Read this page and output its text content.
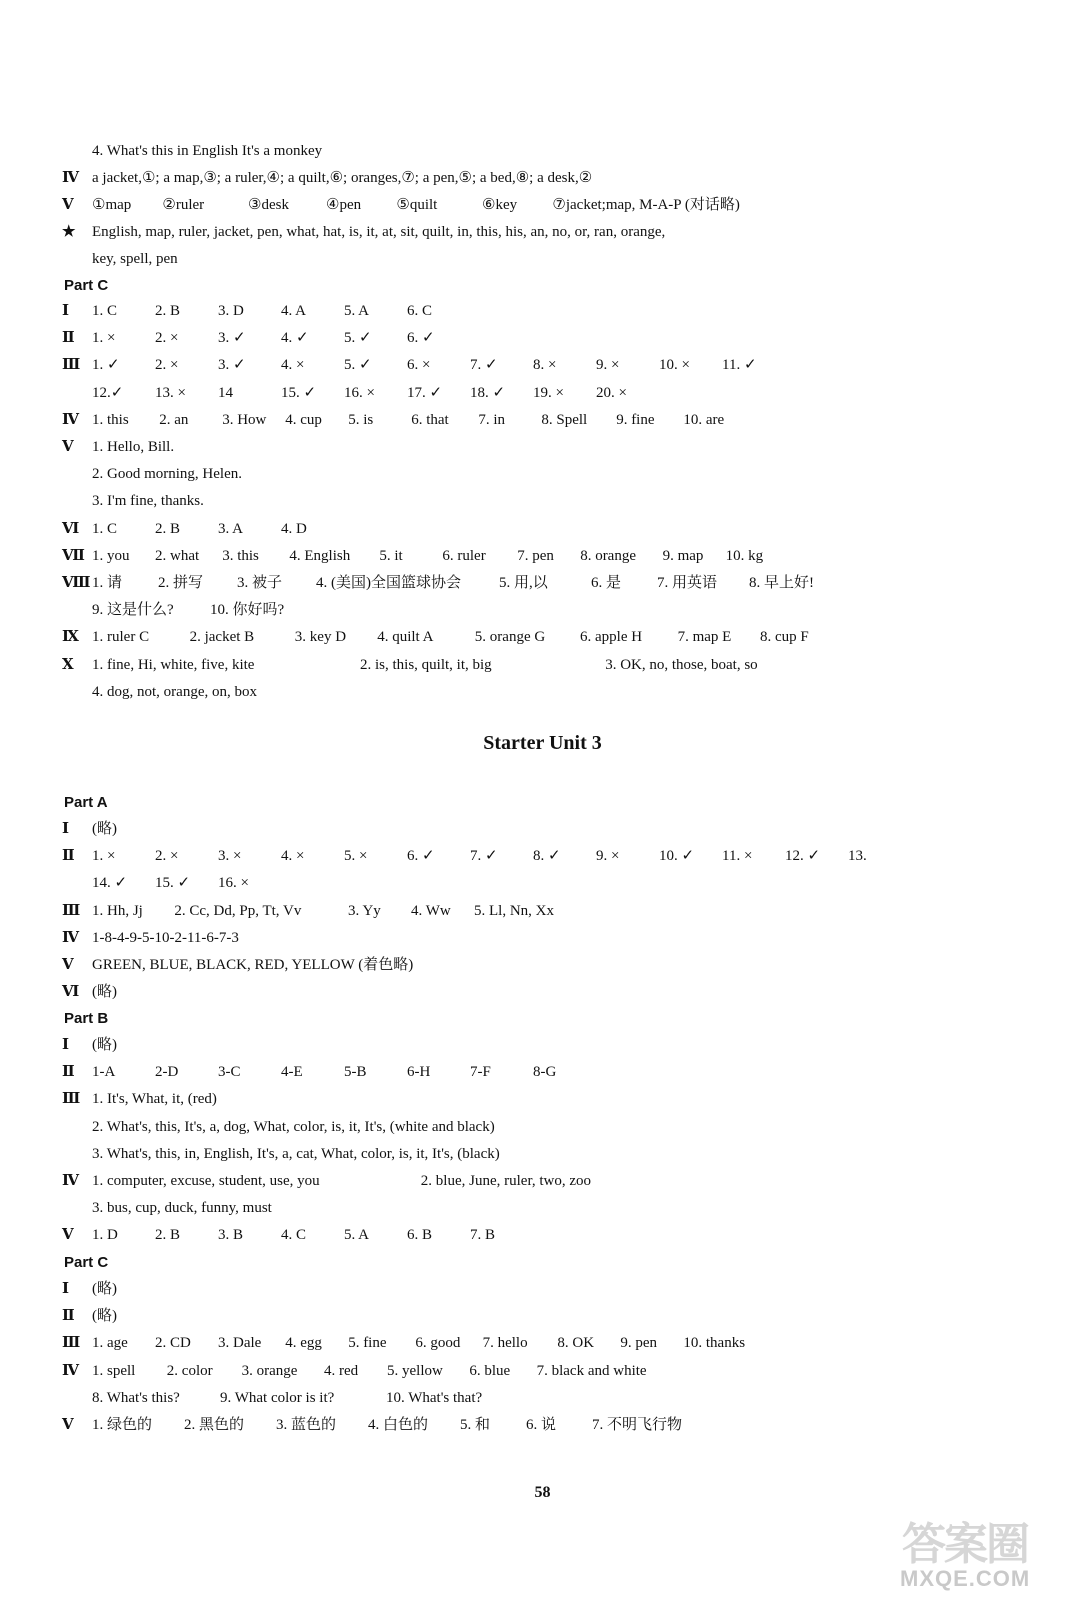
4. What's this in English It's a monkey
Ⅳ a jacket,①; a map,③; a ruler,④; a quilt,⑥; oranges,⑦; a pen,⑤; a bed,⑧; a desk,②
Ⅴ	①map ②ruler	③desk ④pen ⑤quilt	⑥key ⑦jacket;map, M-A-P (对话略)
★	English, map, ruler, jacket, pen, what, hat, is, it, at, sit, quilt, in, this, his, an, no, or, ran, orange,
key, spell, pen
Part C
Ⅰ	1. C	2. B	3. D 4. A	5. A	6. C
Ⅱ	1. ×	2. ×	3. ✓ 4. ✓ 5. ✓ 6. ✓
Ⅲ 1. ✓ 2. ×	3. ✓ 4. ×	5. ✓ 6. ×	7. ✓ 8. ×	9. ×	10. × 11. ✓
12.✓ 13. × 14	15. ✓ 16. × 17. ✓ 18. ✓ 19. × 20. ×
Ⅳ 1. this 2. an 3. How 4. cup 5. is	6. that 7. in 8. Spell 9. fine 10. are
Ⅴ	1. Hello, Bill.
2. Good morning, Helen.
3. I'm fine, thanks.
Ⅵ 1. C	2. B	3. A	4. D
Ⅶ 1. you 2. what 3. this 4. English 5. it	6. ruler 7. pen 8. orange 9. map 10. kg
Ⅷ 1. 请 2. 拼写 3. 被子 4. (美国)全国篮球协会	5. 用,以	6. 是 7. 用英语 8. 早上好!
9. 这是什么? 10. 你好吗?
Ⅸ 1. ruler C	2. jacket B	3. key D 4. quilt A	5. orange G 6. apple H 7. map E 8. cup F
Ⅹ	1. fine, Hi, white, five, kite	2. is, this, quilt, it, big	3. OK, no, those, boat, so
4. dog, not, orange, on, box
Part A
Ⅰ	(略)
Ⅱ	1. ×	2. ×	3. ×	4. ×	5. ×	6. ✓ 7. ✓ 8. ✓ 9. ×	10. ✓ 11. × 12. ✓ 13.
14. ✓ 15. ✓ 16. ×
Ⅲ 1. Hh, Jj 2. Cc, Dd, Pp, Tt, Vv	3. Yy 4. Ww 5. Ll, Nn, Xx
Ⅳ 1-8-4-9-5-10-2-11-6-7-3
Ⅴ	GREEN, BLUE, BLACK, RED, YELLOW (着色略)
Ⅵ (略)
Part B
Ⅰ	(略)
Ⅱ	1-A	2-D	3-C	4-E	5-B	6-H	7-F	8-G
Ⅲ 1. It's, What, it, (red)
2. What's, this, It's, a, dog, What, color, is, it, It's, (white and black)
3. What's, this, in, English, It's, a, cat, What, color, is, it, It's, (black)
Ⅳ 1. computer, excuse, student, use, you	2. blue, June, ruler, two, zoo
3. bus, cup, duck, funny, must
Ⅴ	1. D 2. B	3. B	4. C	5. A	6. B	7. B
Part C
Ⅰ	(略)
Ⅱ	(略)
Ⅲ 1. age 2. CD 3. Dale 4. egg 5. fine 6. good 7. hello 8. OK 9. pen 10. thanks
Ⅳ 1. spell 2. color 3. orange 4. red 5. yellow 6. blue 7. black and white
8. What's this?	9. What color is it?	10. What's that?
Ⅴ	1. 绿色的 2. 黑色的 3. 蓝色的 4. 白色的 5. 和 6. 说 7. 不明飞行物
Starter Unit 3
58
答案圈
MXQE.COM
